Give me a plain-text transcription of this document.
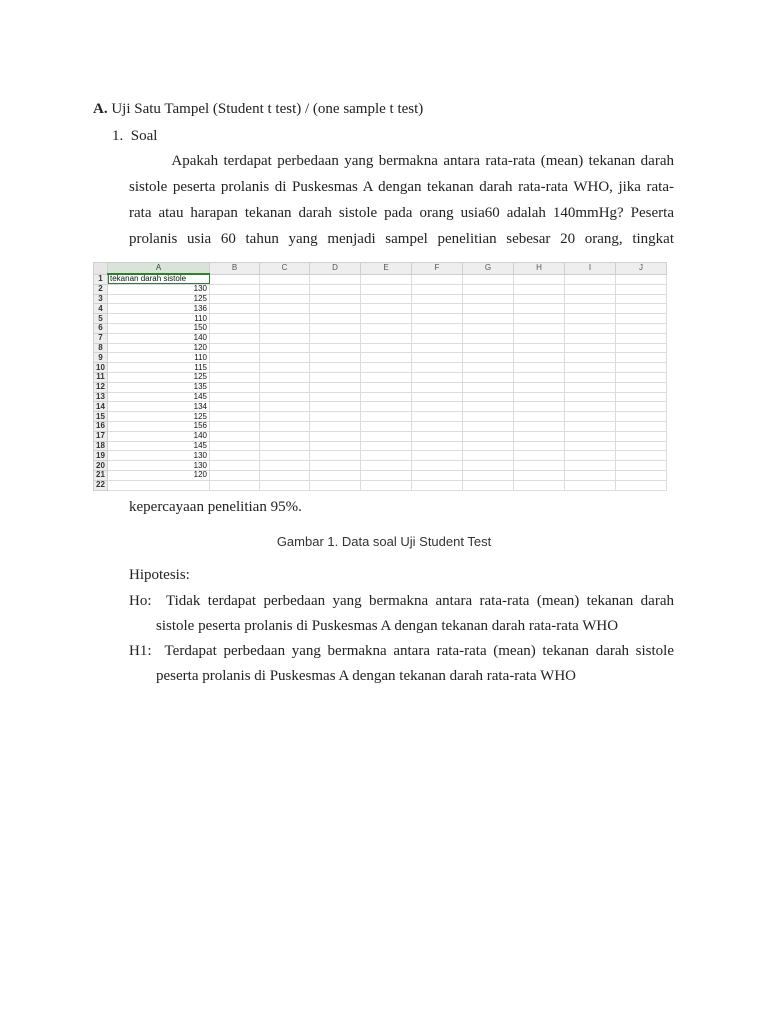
A. Uji Satu Tampel (Student t test) / (one sample t test)
1. Soal
Apakah terdapat perbedaan yang bermakna antara rata-rata (mean) tekanan darah
sistole peserta prolanis di Puskesmas A dengan tekanan darah rata-rata WHO, jika rata-
rata atau harapan tekanan darah sistole pada orang usia60 adalah 140mmHg? Peserta
prolanis usia 60 tahun yang menjadi sampel penelitian sebesar 20 orang, tingkat
	A	B	C	D	E	F	G	H	I	J
1	tekanan darah sistole									
2	130									
3	125									
4	136									
5	110									
6	150									
7	140									
8	120									
9	110									
10	115									
11	125									
12	135									
13	145									
14	134									
15	125									
16	156									
17	140									
18	145									
19	130									
20	130									
21	120									
22										
kepercayaan penelitian 95%.
Gambar 1. Data soal Uji Student Test
Hipotesis:
Ho:  Tidak terdapat perbedaan yang bermakna antara rata-rata (mean) tekanan darah
sistole peserta prolanis di Puskesmas A dengan tekanan darah rata-rata WHO
H1:  Terdapat perbedaan yang bermakna antara rata-rata (mean) tekanan darah sistole
peserta prolanis di Puskesmas A dengan tekanan darah rata-rata WHO
